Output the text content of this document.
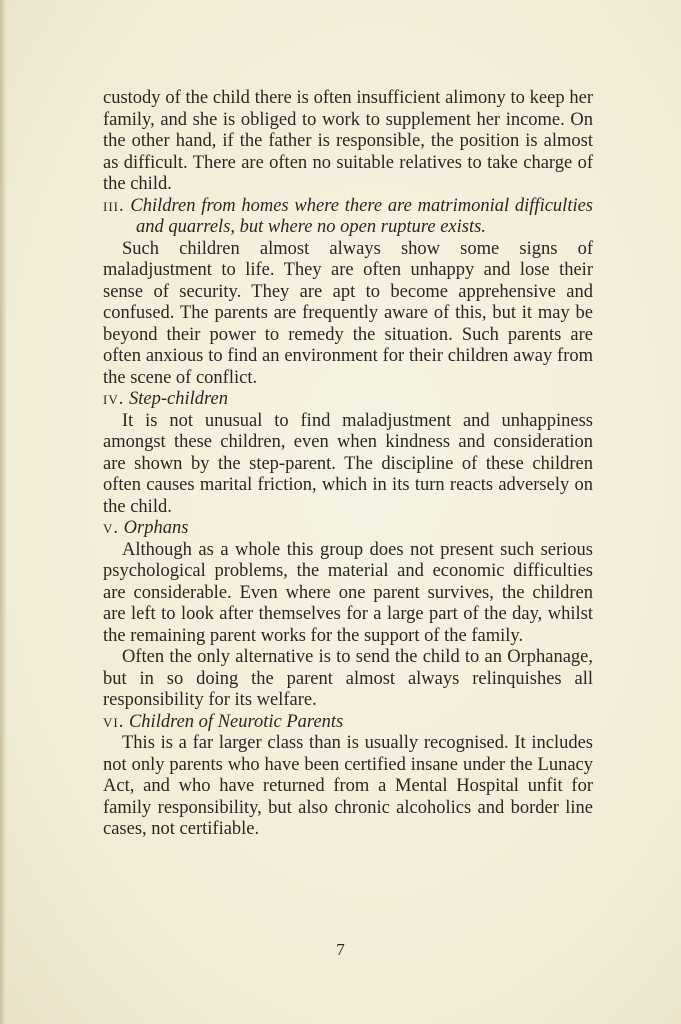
custody of the child there is often insufficient alimony to keep her family, and she is obliged to work to supplement her income. On the other hand, if the father is responsible, the position is almost as difficult. There are often no suitable relatives to take charge of the child.

iii. Children from homes where there are matrimonial difficulties and quarrels, but where no open rupture exists.

Such children almost always show some signs of maladjustment to life. They are often unhappy and lose their sense of security. They are apt to become apprehensive and confused. The parents are frequently aware of this, but it may be beyond their power to remedy the situation. Such parents are often anxious to find an environment for their children away from the scene of conflict.

iv. Step-children

It is not unusual to find maladjustment and unhappiness amongst these children, even when kindness and consideration are shown by the step-parent. The discipline of these children often causes marital friction, which in its turn reacts adversely on the child.

v. Orphans

Although as a whole this group does not present such serious psychological problems, the material and economic difficulties are considerable. Even where one parent survives, the children are left to look after themselves for a large part of the day, whilst the remaining parent works for the support of the family.

Often the only alternative is to send the child to an Orphanage, but in so doing the parent almost always relinquishes all responsibility for its welfare.

vi. Children of Neurotic Parents

This is a far larger class than is usually recognised. It includes not only parents who have been certified insane under the Lunacy Act, and who have returned from a Mental Hospital unfit for family responsibility, but also chronic alcoholics and border line cases, not certifiable.

7
